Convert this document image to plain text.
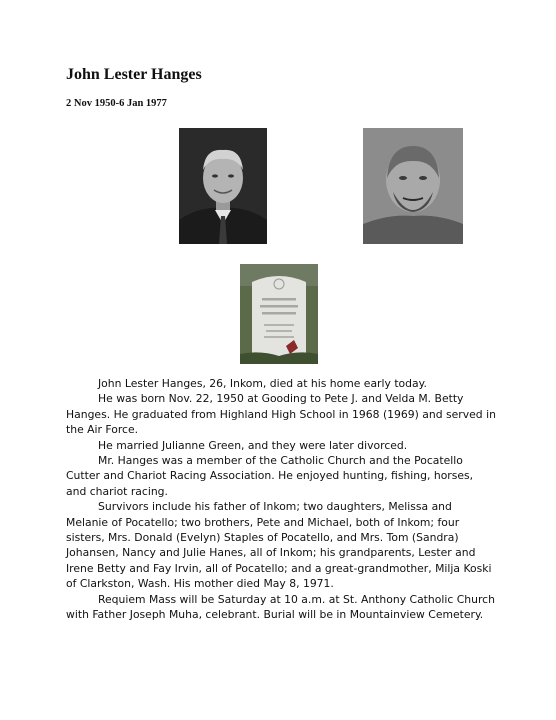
John Lester Hanges
2 Nov 1950-6 Jan 1977

John Lester Hanges, 26, Inkom, died at his home early today.

He was born Nov. 22, 1950 at Gooding to Pete J. and Velda M. Betty Hanges. He graduated from Highland High School in 1968 (1969) and served in the Air Force.

He married Julianne Green, and they were later divorced.

Mr. Hanges was a member of the Catholic Church and the Pocatello Cutter and Chariot Racing Association. He enjoyed hunting, fishing, horses, and chariot racing.

Survivors include his father of Inkom; two daughters, Melissa and Melanie of Pocatello; two brothers, Pete and Michael, both of Inkom; four sisters, Mrs. Donald (Evelyn) Staples of Pocatello, and Mrs. Tom (Sandra) Johansen, Nancy and Julie Hanes, all of Inkom; his grandparents, Lester and Irene Betty and Fay Irvin, all of Pocatello; and a great-grandmother, Milja Koski of Clarkston, Wash. His mother died May 8, 1971.

Requiem Mass will be Saturday at 10 a.m. at St. Anthony Catholic Church with Father Joseph Muha, celebrant. Burial will be in Mountainview Cemetery.
